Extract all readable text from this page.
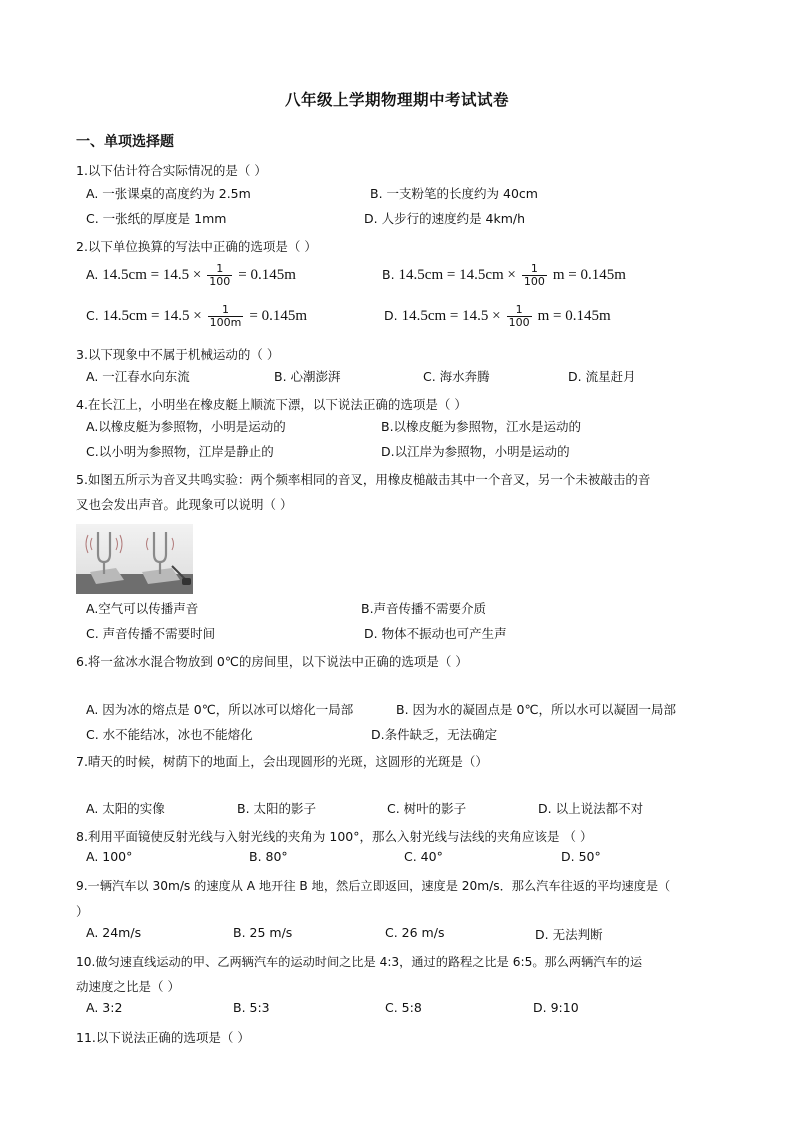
八年级上学期物理期中考试试卷
一、单项选择题
1.以下估计符合实际情况的是（ ）
A. 一张课桌的高度约为 2.5m	B. 一支粉笔的长度约为 40cm
C. 一张纸的厚度是 1mm	D. 人步行的速度约是 4km/h
2.以下单位换算的写法中正确的选项是（ ）
A. $14.5cm = 14.5 \times \frac{1}{100} = 0.145m$	B. $14.5cm = 14.5cm \times \frac{1}{100}$ m = 0.145m
C. $14.5cm = 14.5 \times \frac{1}{100m} = 0.145m$	D. $14.5cm = 14.5 \times \frac{1}{100}$ m = 0.145m
3.以下现象中不属于机械运动的（ ）
A. 一江春水向东流	B. 心潮澎湃	C. 海水奔腾	D. 流星赶月
4.在长江上，小明坐在橡皮艇上顺流下漂，以下说法正确的选项是（ ）
A.以橡皮艇为参照物，小明是运动的	B.以橡皮艇为参照物，江水是运动的
C.以小明为参照物，江岸是静止的	D.以江岸为参照物，小明是运动的
5.如图五所示为音叉共鸣实验：两个频率相同的音叉，用橡皮槌敲击其中一个音叉，另一个未被敲击的音
叉也会发出声音。此现象可以说明（ ）
A.空气可以传播声音	B.声音传播不需要介质
C. 声音传播不需要时间	D. 物体不振动也可产生声
6.将一盆冰水混合物放到 0℃的房间里，以下说法中正确的选项是（ ）
A. 因为冰的熔点是 0℃，所以冰可以熔化一局部	B. 因为水的凝固点是 0℃，所以水可以凝固一局部
C. 水不能结冰，冰也不能熔化	D.条件缺乏，无法确定
7.晴天的时候，树荫下的地面上，会出现圆形的光斑，这圆形的光斑是（）
A. 太阳的实像	B. 太阳的影子	C. 树叶的影子	D. 以上说法都不对
8.利用平面镜使反射光线与入射光线的夹角为 100°，那么入射光线与法线的夹角应该是 （ ）
A. 100°	B. 80°	C. 40°	D. 50°
9.一辆汽车以 30m/s 的速度从 A 地开往 B 地，然后立即返回，速度是 20m/s．那么汽车往返的平均速度是（
）
A. 24m/s	B. 25 m/s	C. 26 m/s	D. 无法判断
10.做匀速直线运动的甲、乙两辆汽车的运动时间之比是 4:3，通过的路程之比是 6:5。那么两辆汽车的运
动速度之比是（ ）
A. 3:2	B. 5:3	C. 5:8	D. 9:10
11.以下说法正确的选项是（ ）
